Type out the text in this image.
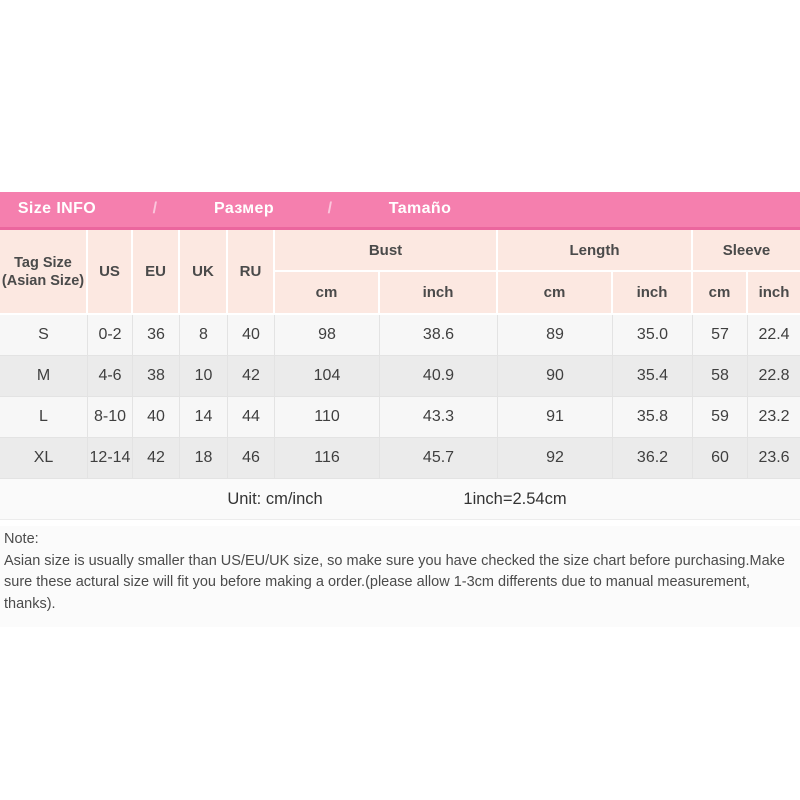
Size INFO	/	Размер	/	Tamaño
Tag Size (Asian Size)	US	EU	UK	RU	Bust		Length		Sleeve	
					cm	inch	cm	inch	cm	inch
S	0-2	36	8	40	98	38.6	89	35.0	57	22.4
M	4-6	38	10	42	104	40.9	90	35.4	58	22.8
L	8-10	40	14	44	110	43.3	91	35.8	59	23.2
XL	12-14	42	18	46	116	45.7	92	36.2	60	23.6

Unit: cm/inch 1inch=2.54cm										

Note:

Asian size is usually smaller than US/EU/UK size, so make sure you have checked the size chart before purchasing.Make sure these actural size will fit you before making a order.(please allow 1-3cm differents due to manual measurement, thanks).
